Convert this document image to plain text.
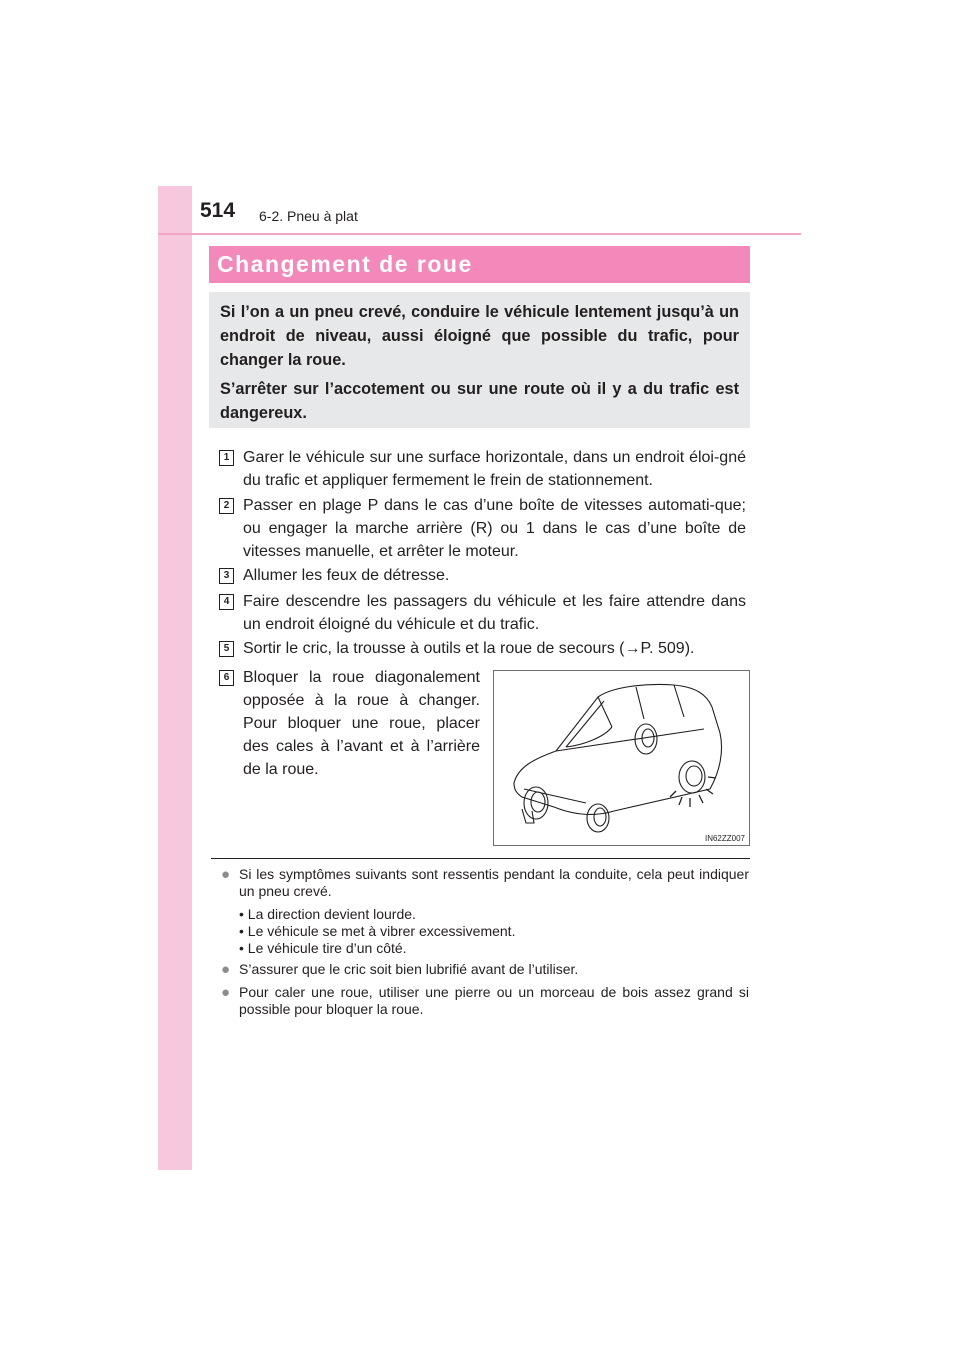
514 6-2. Pneu à plat
Changement de roue

Si l’on a un pneu crevé, conduire le véhicule lentement jusqu’à un endroit de niveau, aussi éloigné que possible du trafic, pour changer la roue.

S’arrêter sur l’accotement ou sur une route où il y a du trafic est dangereux.

1 Garer le véhicule sur une surface horizontale, dans un endroit éloi-gné du trafic et appliquer fermement le frein de stationnement.
2 Passer en plage P dans le cas d’une boîte de vitesses automati-que; ou engager la marche arrière (R) ou 1 dans le cas d’une boîte de vitesses manuelle, et arrêter le moteur.
3 Allumer les feux de détresse.
4 Faire descendre les passagers du véhicule et les faire attendre dans un endroit éloigné du véhicule et du trafic.
5 Sortir le cric, la trousse à outils et la roue de secours (→P. 509).
6 Bloquer la roue diagonalement opposée à la roue à changer. Pour bloquer une roue, placer des cales à l’avant et à l’arrière de la roue.
IN62ZZ007
● Si les symptômes suivants sont ressentis pendant la conduite, cela peut indiquer un pneu crevé.
• La direction devient lourde.
• Le véhicule se met à vibrer excessivement.
• Le véhicule tire d’un côté.
● S’assurer que le cric soit bien lubrifié avant de l’utiliser.
● Pour caler une roue, utiliser une pierre ou un morceau de bois assez grand si possible pour bloquer la roue.
